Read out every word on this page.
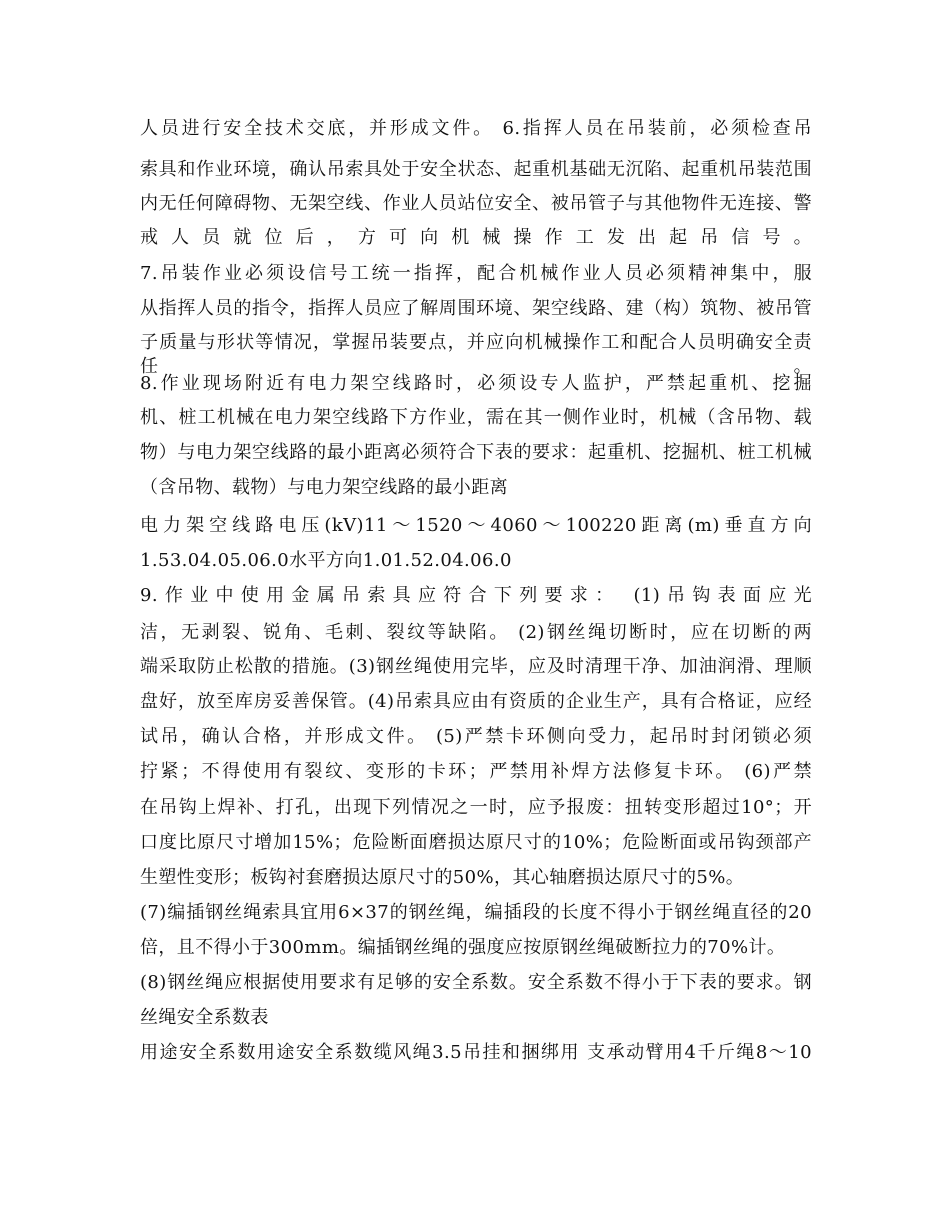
人员进行安全技术交底，并形成文件。 6.指挥人员在吊装前，必须检查吊
索具和作业环境，确认吊索具处于安全状态、起重机基础无沉陷、起重机吊装范围
内无任何障碍物、无架空线、作业人员站位安全、被吊管子与其他物件无连接、警
戒人员就位后，方可向机械操作工发出起吊信号。
7.吊装作业必须设信号工统一指挥，配合机械作业人员必须精神集中，服
从指挥人员的指令，指挥人员应了解周围环境、架空线路、建（构）筑物、被吊管
子质量与形状等情况，掌握吊装要点，并应向机械操作工和配合人员明确安全责任。
8.作业现场附近有电力架空线路时，必须设专人监护，严禁起重机、挖掘
机、桩工机械在电力架空线路下方作业，需在其一侧作业时，机械（含吊物、载
物）与电力架空线路的最小距离必须符合下表的要求：起重机、挖掘机、桩工机械
（含吊物、载物）与电力架空线路的最小距离
电力架空线路电压(kV)11～1520～4060～100220距离(m)垂直方向
1.53.04.05.06.0水平方向1.01.52.04.06.0
9.作业中使用金属吊索具应符合下列要求： (1)吊钩表面应光
洁，无剥裂、锐角、毛刺、裂纹等缺陷。 (2)钢丝绳切断时，应在切断的两
端采取防止松散的措施。(3)钢丝绳使用完毕，应及时清理干净、加油润滑、理顺
盘好，放至库房妥善保管。(4)吊索具应由有资质的企业生产，具有合格证，应经
试吊，确认合格，并形成文件。 (5)严禁卡环侧向受力，起吊时封闭锁必须
拧紧；不得使用有裂纹、变形的卡环；严禁用补焊方法修复卡环。 (6)严禁
在吊钩上焊补、打孔，出现下列情况之一时，应予报废：扭转变形超过10°；开
口度比原尺寸增加15%；危险断面磨损达原尺寸的10%；危险断面或吊钩颈部产
生塑性变形；板钩衬套磨损达原尺寸的50%，其心轴磨损达原尺寸的5%。
(7)编插钢丝绳索具宜用6×37的钢丝绳，编插段的长度不得小于钢丝绳直径的20
倍，且不得小于300mm。编插钢丝绳的强度应按原钢丝绳破断拉力的70%计。
(8)钢丝绳应根据使用要求有足够的安全系数。安全系数不得小于下表的要求。钢
丝绳安全系数表
用途安全系数用途安全系数缆风绳3.5吊挂和捆绑用 支承动臂用4千斤绳8～10
